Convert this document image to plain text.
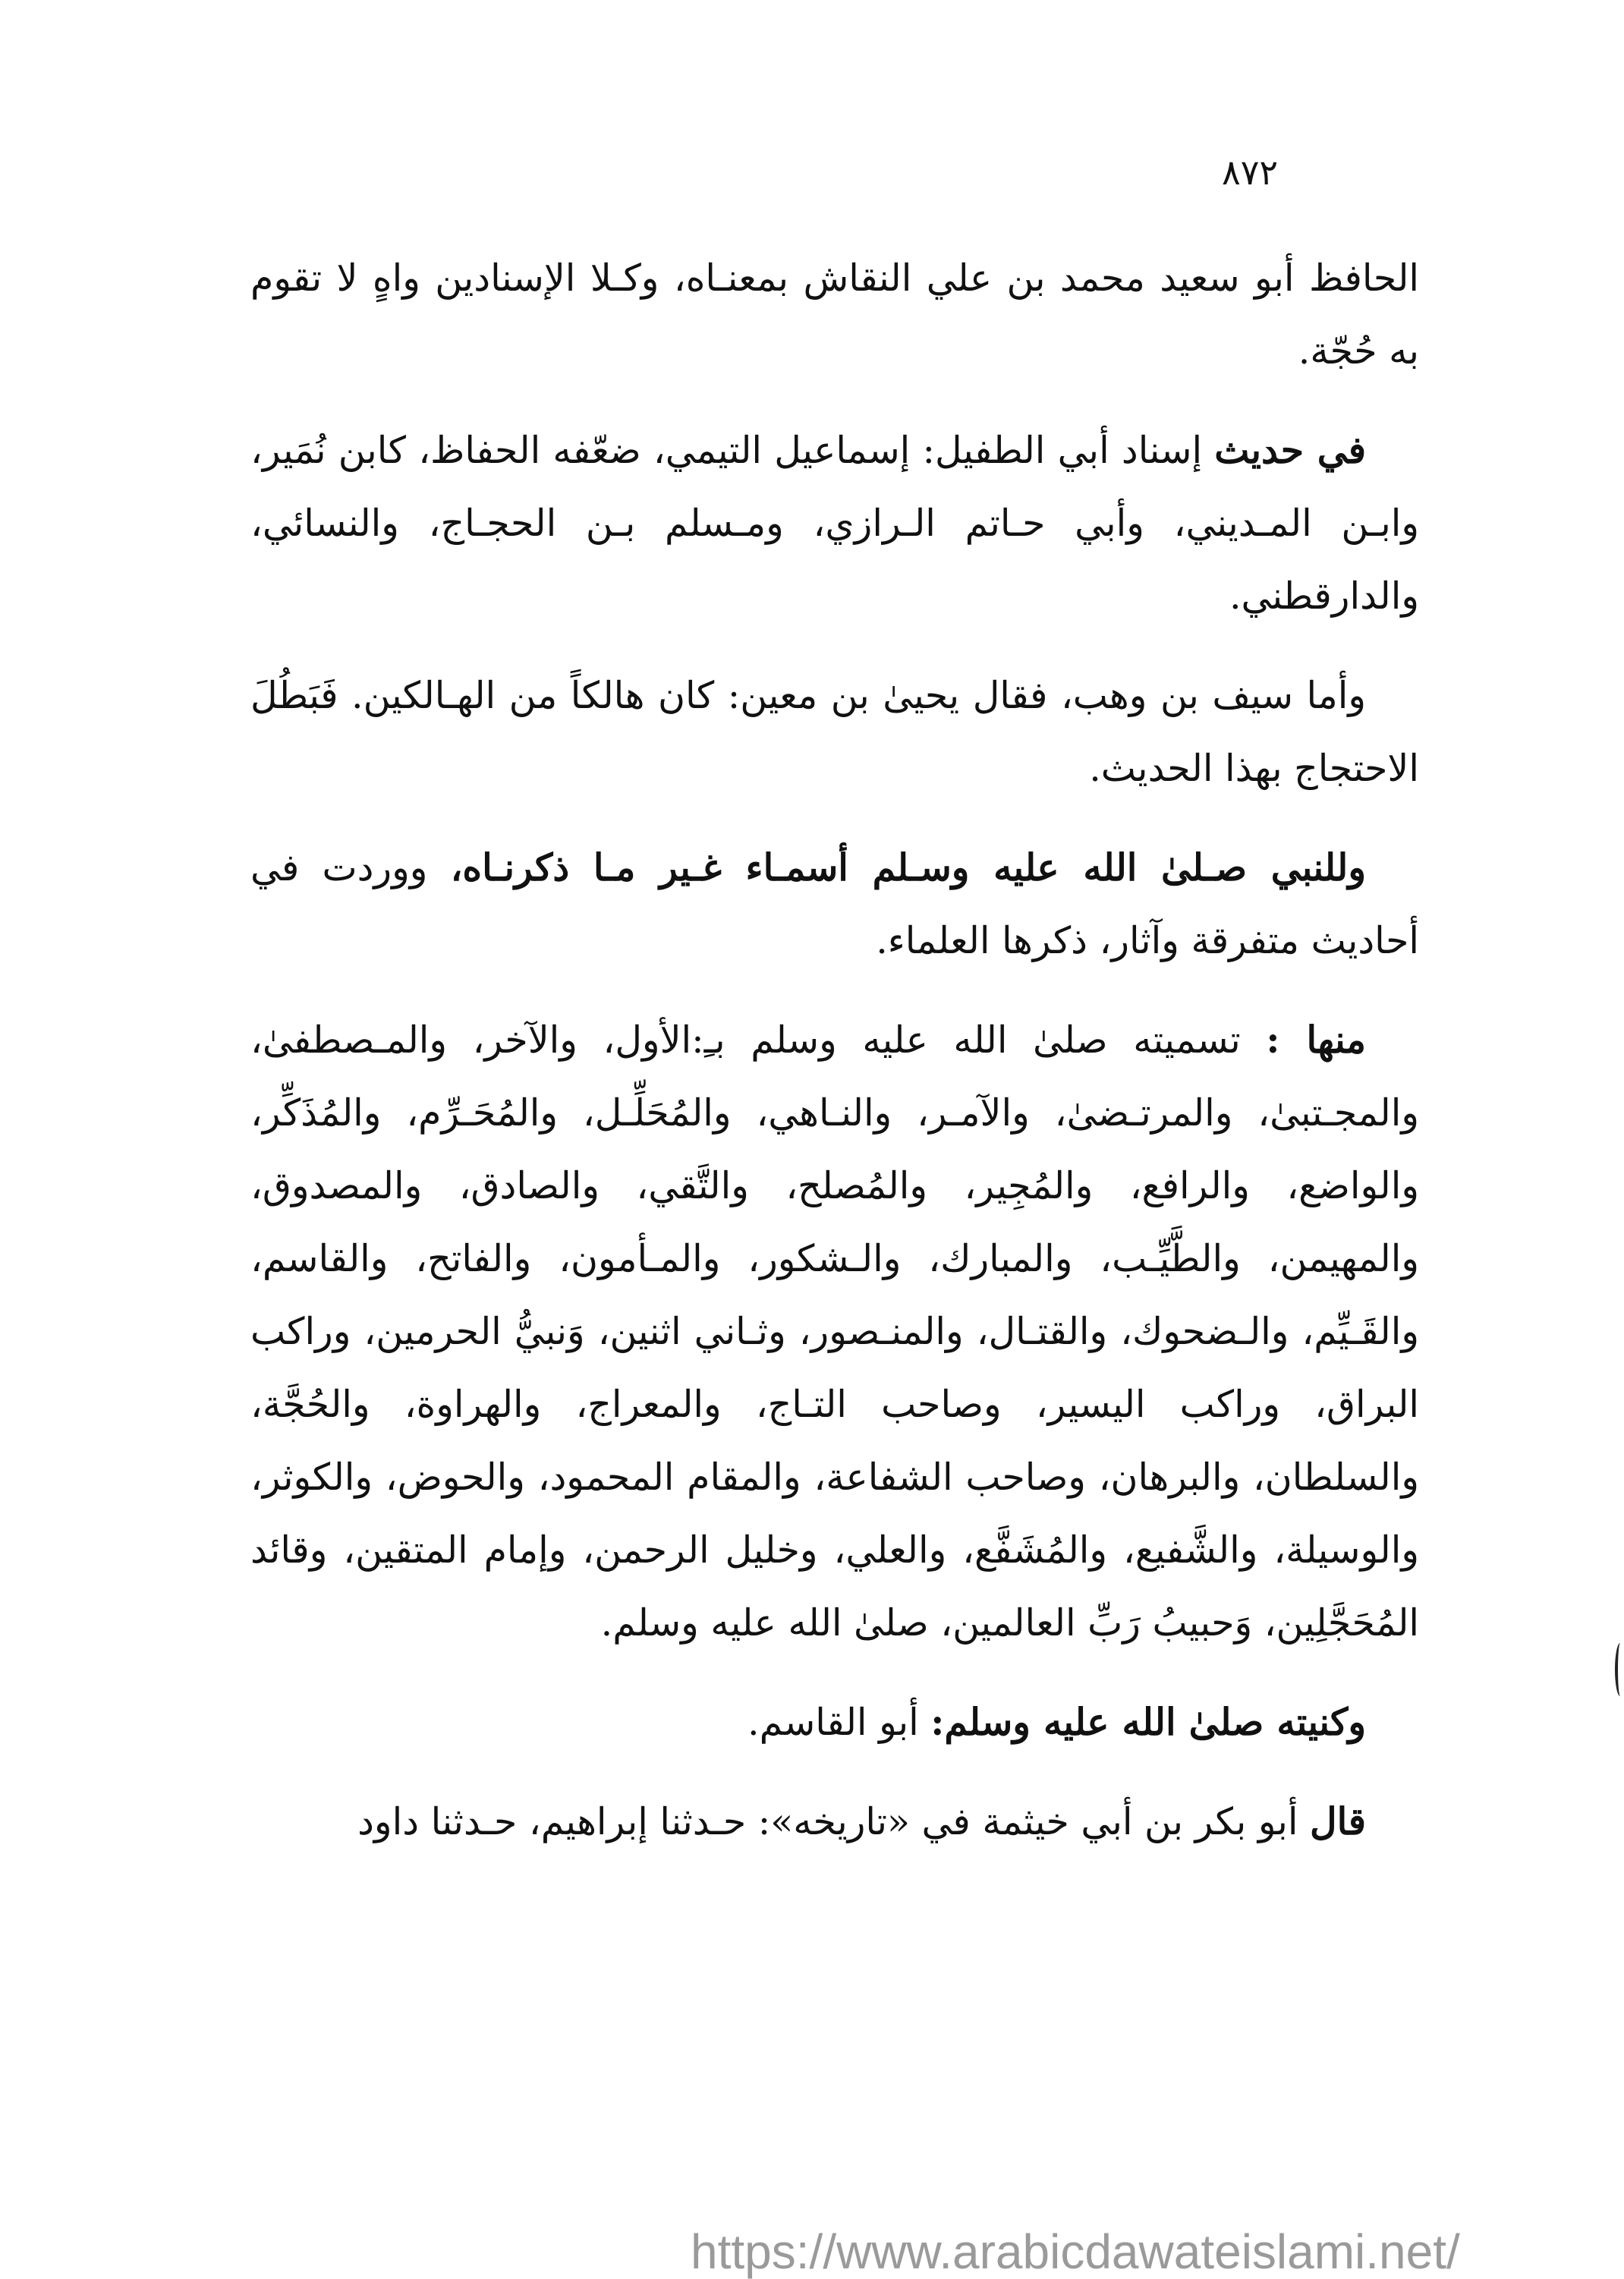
٨٧٢

الحافظ أبو سعيد محمد بن علي النقاش بمعنـاه، وكـلا الإسنادين واهٍ لا تقوم به حُجّة.

في حديث إسناد أبي الطفيل: إسماعيل التيمي، ضعّفه الحفاظ، كابن نُمَير، وابـن المـديني، وأبي حـاتم الـرازي، ومـسلم بـن الحجـاج، والنسائي، والدارقطني.

وأما سيف بن وهب، فقال يحيىٰ بن معين: كان هالكاً من الهـالكين. فَبَطُلَ الاحتجاج بهذا الحديث.

وللنبي صـلىٰ الله عليه وسـلم أسمـاء غـير مـا ذكرنـاه، ووردت في أحاديث متفرقة وآثار، ذكرها العلماء.

منها : تسميته صلىٰ الله عليه وسلم بـِ:الأول، والآخر، والمـصطفىٰ، والمجـتبىٰ، والمرتـضىٰ، والآمـر، والنـاهي، والمُحَلِّـل، والمُحَـرِّم، والمُذَكِّر، والواضع، والرافع، والمُجِير، والمُصلح، والتَّقي، والصادق، والمصدوق، والمهيمن، والطَّيِّـب، والمبارك، والـشكور، والمـأمون، والفاتح، والقاسم، والقَـيِّم، والـضحوك، والقتـال، والمنـصور، وثـاني اثنين، وَنبيُّ الحرمين، وراكب البراق، وراكب اليسير، وصاحب التـاج، والمعراج، والهراوة، والحُجَّة، والسلطان، والبرهان، وصاحب الشفاعة، والمقام المحمود، والحوض، والكوثر، والوسيلة، والشَّفيع، والمُشَفَّع، والعلي، وخليل الرحمن، وإمام المتقين، وقائد المُحَجَّلِين، وَحبيبُ رَبِّ العالمين، صلىٰ الله عليه وسلم.

وكنيته صلىٰ الله عليه وسلم: أبو القاسم.

قال أبو بكر بن أبي خيثمة في «تاريخه»: حـدثنا إبراهيم، حـدثنا داود

https://www.arabicdawateislami.net/
